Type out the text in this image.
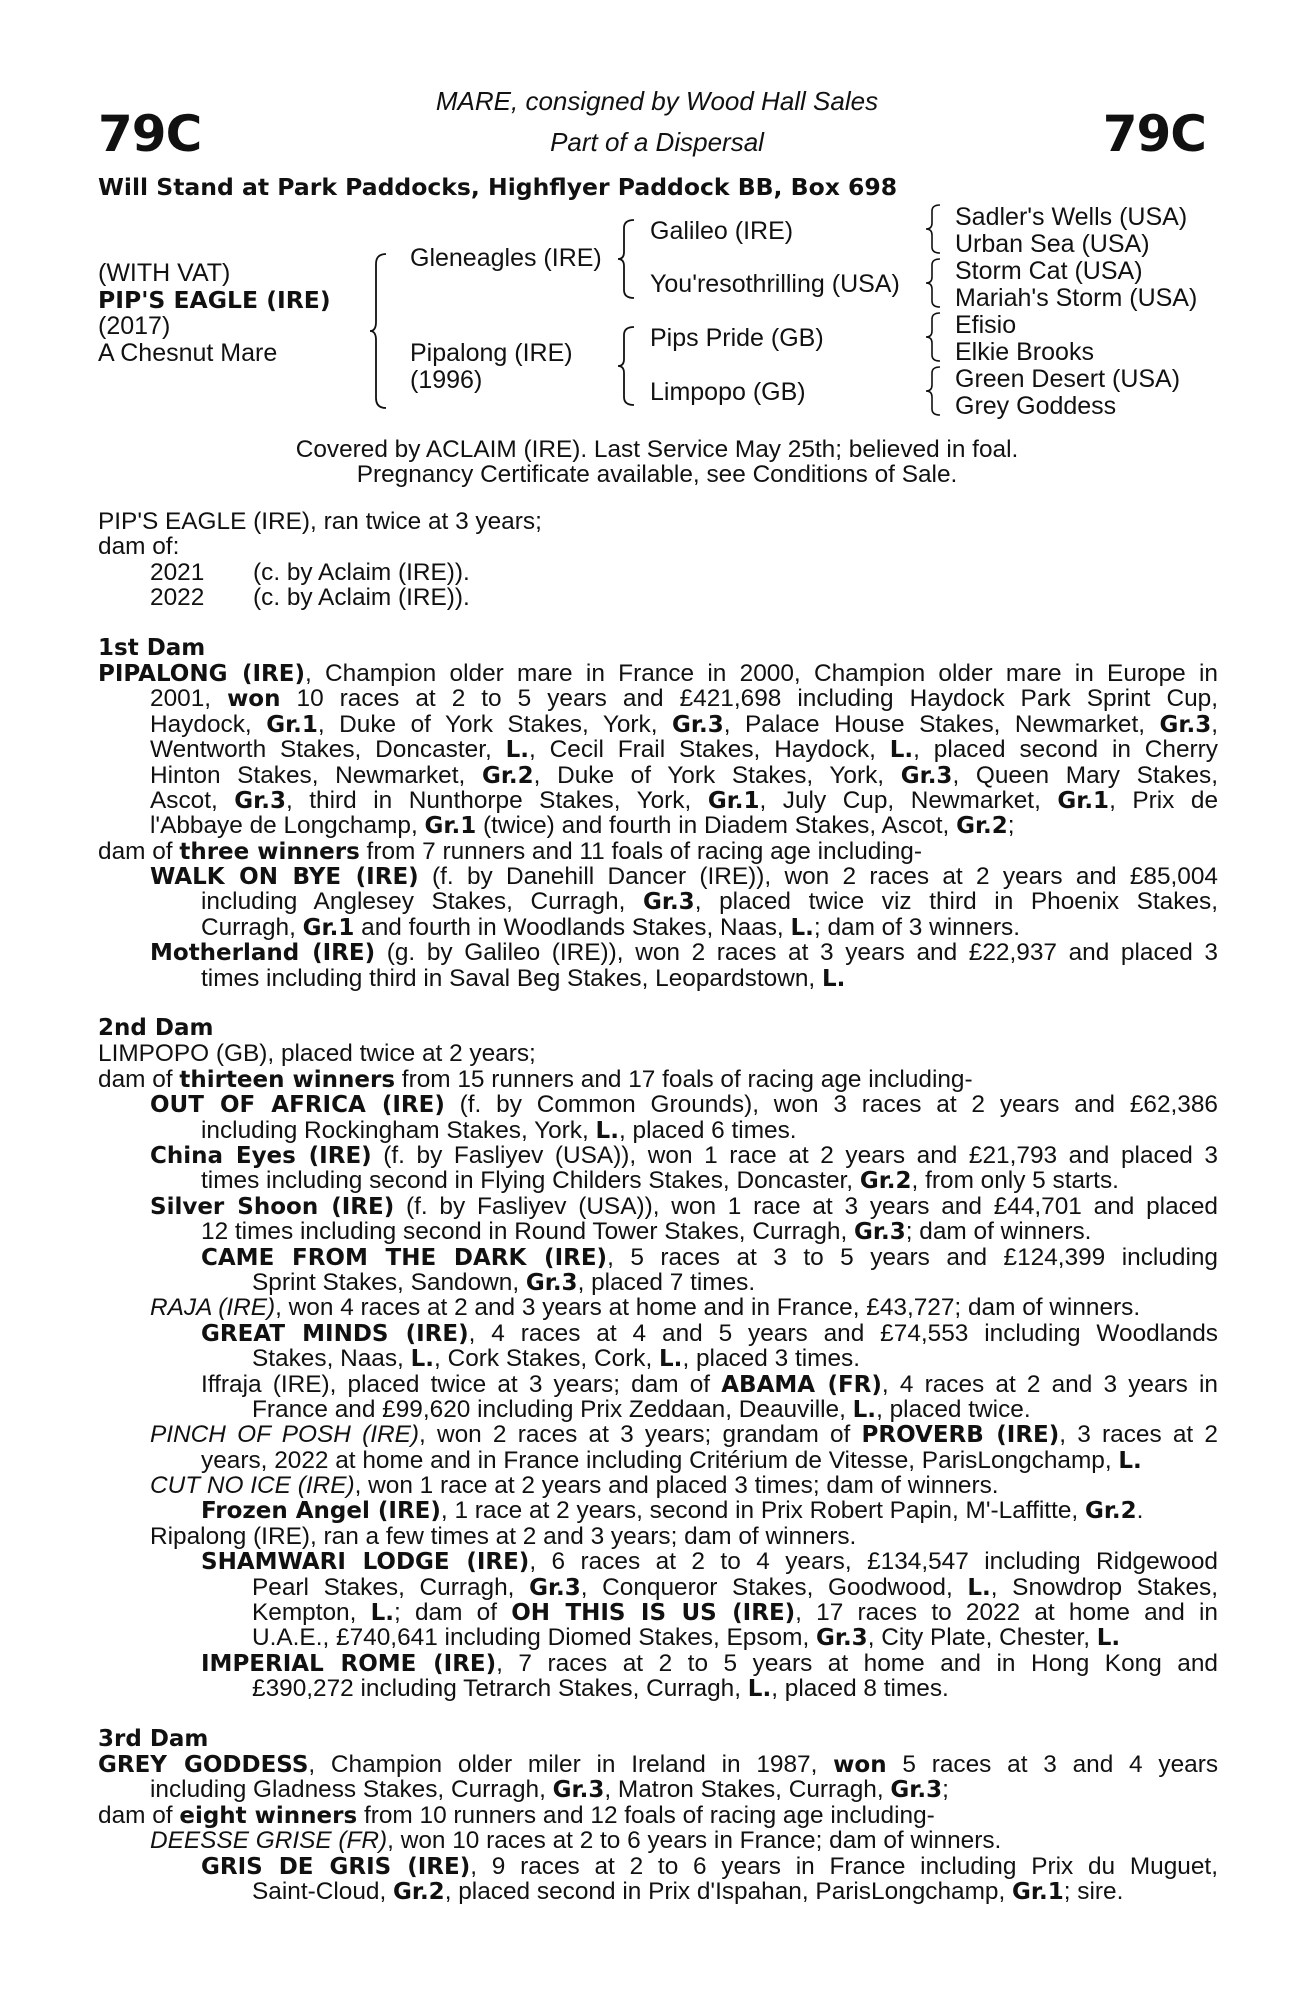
79C	79C
MARE, consigned by Wood Hall Sales
Part of a Dispersal
Will Stand at Park Paddocks, Highflyer Paddock BB, Box 698
(WITH VAT)
PIP'S EAGLE (IRE)
(2017)
A Chesnut Mare
Gleneagles (IRE)
Pipalong (IRE)
(1996)
Galileo (IRE)
You'resothrilling (USA)
Pips Pride (GB)
Limpopo (GB)
Sadler's Wells (USA)
Urban Sea (USA)
Storm Cat (USA)
Mariah's Storm (USA)
Efisio
Elkie Brooks
Green Desert (USA)
Grey Goddess
Covered by ACLAIM (IRE). Last Service May 25th; believed in foal.
Pregnancy Certificate available, see Conditions of Sale.
PIP'S EAGLE (IRE), ran twice at 3 years;
dam of:
2021 (c. by Aclaim (IRE)).
2022 (c. by Aclaim (IRE)).
1st Dam
PIPALONG (IRE), Champion older mare in France in 2000, Champion older mare in Europe in
2001, won 10 races at 2 to 5 years and £421,698 including Haydock Park Sprint Cup,
Haydock, Gr.1, Duke of York Stakes, York, Gr.3, Palace House Stakes, Newmarket, Gr.3,
Wentworth Stakes, Doncaster, L., Cecil Frail Stakes, Haydock, L., placed second in Cherry
Hinton Stakes, Newmarket, Gr.2, Duke of York Stakes, York, Gr.3, Queen Mary Stakes,
Ascot, Gr.3, third in Nunthorpe Stakes, York, Gr.1, July Cup, Newmarket, Gr.1, Prix de
l'Abbaye de Longchamp, Gr.1 (twice) and fourth in Diadem Stakes, Ascot, Gr.2;
dam of three winners from 7 runners and 11 foals of racing age including-
WALK ON BYE (IRE) (f. by Danehill Dancer (IRE)), won 2 races at 2 years and £85,004
including Anglesey Stakes, Curragh, Gr.3, placed twice viz third in Phoenix Stakes,
Curragh, Gr.1 and fourth in Woodlands Stakes, Naas, L.; dam of 3 winners.
Motherland (IRE) (g. by Galileo (IRE)), won 2 races at 3 years and £22,937 and placed 3
times including third in Saval Beg Stakes, Leopardstown, L.
2nd Dam
LIMPOPO (GB), placed twice at 2 years;
dam of thirteen winners from 15 runners and 17 foals of racing age including-
OUT OF AFRICA (IRE) (f. by Common Grounds), won 3 races at 2 years and £62,386
including Rockingham Stakes, York, L., placed 6 times.
China Eyes (IRE) (f. by Fasliyev (USA)), won 1 race at 2 years and £21,793 and placed 3
times including second in Flying Childers Stakes, Doncaster, Gr.2, from only 5 starts.
Silver Shoon (IRE) (f. by Fasliyev (USA)), won 1 race at 3 years and £44,701 and placed
12 times including second in Round Tower Stakes, Curragh, Gr.3; dam of winners.
CAME FROM THE DARK (IRE), 5 races at 3 to 5 years and £124,399 including
Sprint Stakes, Sandown, Gr.3, placed 7 times.
RAJA (IRE), won 4 races at 2 and 3 years at home and in France, £43,727; dam of winners.
GREAT MINDS (IRE), 4 races at 4 and 5 years and £74,553 including Woodlands
Stakes, Naas, L., Cork Stakes, Cork, L., placed 3 times.
Iffraja (IRE), placed twice at 3 years; dam of ABAMA (FR), 4 races at 2 and 3 years in
France and £99,620 including Prix Zeddaan, Deauville, L., placed twice.
PINCH OF POSH (IRE), won 2 races at 3 years; grandam of PROVERB (IRE), 3 races at 2
years, 2022 at home and in France including Critérium de Vitesse, ParisLongchamp, L.
CUT NO ICE (IRE), won 1 race at 2 years and placed 3 times; dam of winners.
Frozen Angel (IRE), 1 race at 2 years, second in Prix Robert Papin, M'-Laffitte, Gr.2.
Ripalong (IRE), ran a few times at 2 and 3 years; dam of winners.
SHAMWARI LODGE (IRE), 6 races at 2 to 4 years, £134,547 including Ridgewood
Pearl Stakes, Curragh, Gr.3, Conqueror Stakes, Goodwood, L., Snowdrop Stakes,
Kempton, L.; dam of OH THIS IS US (IRE), 17 races to 2022 at home and in
U.A.E., £740,641 including Diomed Stakes, Epsom, Gr.3, City Plate, Chester, L.
IMPERIAL ROME (IRE), 7 races at 2 to 5 years at home and in Hong Kong and
£390,272 including Tetrarch Stakes, Curragh, L., placed 8 times.
3rd Dam
GREY GODDESS, Champion older miler in Ireland in 1987, won 5 races at 3 and 4 years
including Gladness Stakes, Curragh, Gr.3, Matron Stakes, Curragh, Gr.3;
dam of eight winners from 10 runners and 12 foals of racing age including-
DEESSE GRISE (FR), won 10 races at 2 to 6 years in France; dam of winners.
GRIS DE GRIS (IRE), 9 races at 2 to 6 years in France including Prix du Muguet,
Saint-Cloud, Gr.2, placed second in Prix d'Ispahan, ParisLongchamp, Gr.1; sire.
